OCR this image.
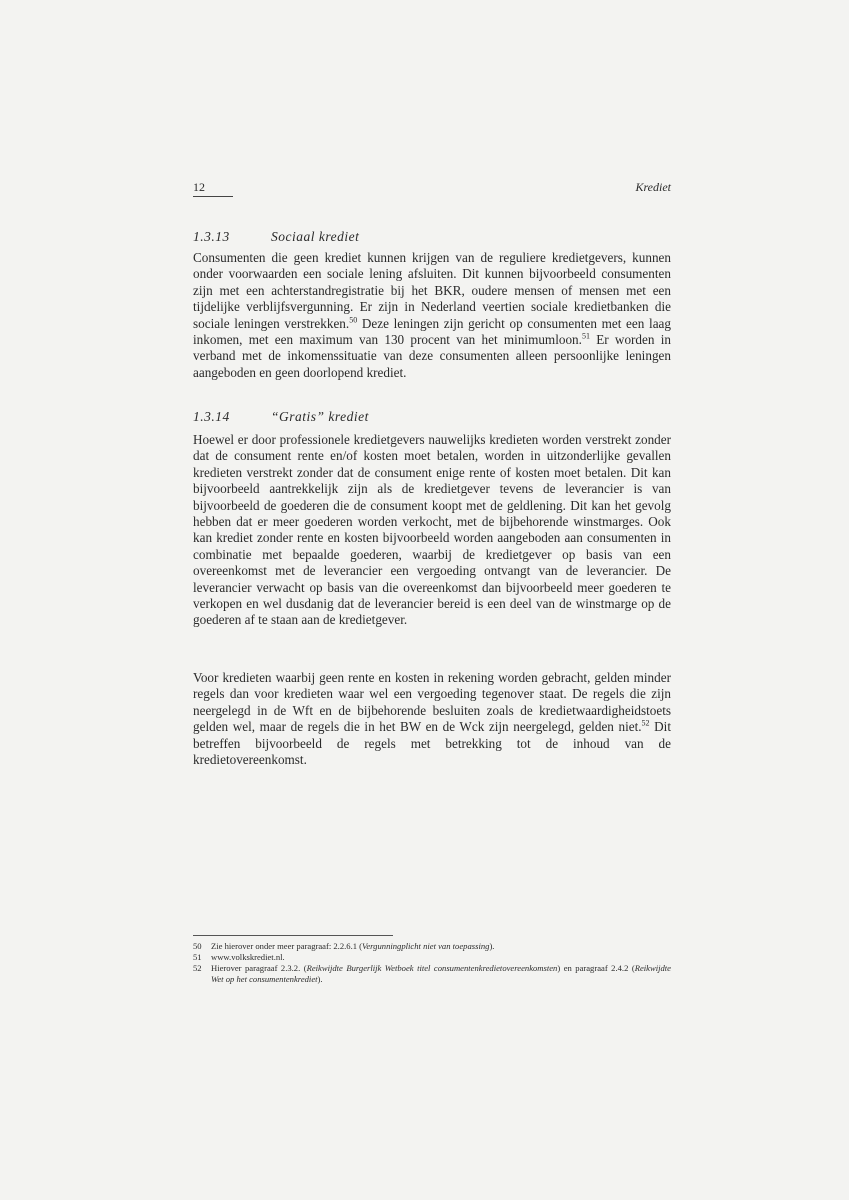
12	Krediet
1.3.13	Sociaal krediet

Consumenten die geen krediet kunnen krijgen van de reguliere kredietgevers, kunnen onder voorwaarden een sociale lening afsluiten. Dit kunnen bijvoorbeeld consumenten zijn met een achterstandregistratie bij het BKR, oudere mensen of mensen met een tijdelijke verblijfsvergunning. Er zijn in Nederland veertien sociale kredietbanken die sociale leningen verstrekken.$^{50}$ Deze leningen zijn gericht op consumenten met een laag inkomen, met een maximum van 130 procent van het minimumloon.$^{51}$ Er worden in verband met de inkomenssituatie van deze consumenten alleen persoonlijke leningen aangeboden en geen doorlopend krediet.

1.3.14	“Gratis” krediet

Hoewel er door professionele kredietgevers nauwelijks kredieten worden verstrekt zonder dat de consument rente en/of kosten moet betalen, worden in uitzonderlijke gevallen kredieten verstrekt zonder dat de consument enige rente of kosten moet betalen. Dit kan bijvoorbeeld aantrekkelijk zijn als de kredietgever tevens de leverancier is van bijvoorbeeld de goederen die de consument koopt met de geldlening. Dit kan het gevolg hebben dat er meer goederen worden verkocht, met de bijbehorende winstmarges. Ook kan krediet zonder rente en kosten bijvoorbeeld worden aangeboden aan consumenten in combinatie met bepaalde goederen, waarbij de kredietgever op basis van een overeenkomst met de leverancier een vergoeding ontvangt van de leverancier. De leverancier verwacht op basis van die overeenkomst dan bijvoorbeeld meer goederen te verkopen en wel dusdanig dat de leverancier bereid is een deel van de winstmarge op de goederen af te staan aan de kredietgever.

Voor kredieten waarbij geen rente en kosten in rekening worden gebracht, gelden minder regels dan voor kredieten waar wel een vergoeding tegenover staat. De regels die zijn neergelegd in de Wft en de bijbehorende besluiten zoals de kredietwaardigheidstoets gelden wel, maar de regels die in het BW en de Wck zijn neergelegd, gelden niet.$^{52}$ Dit betreffen bijvoorbeeld de regels met betrekking tot de inhoud van de kredietovereenkomst.

50 Zie hierover onder meer paragraaf: 2.2.6.1 (Vergunningplicht niet van toepassing).
51 www.volkskrediet.nl.
52 Hierover paragraaf 2.3.2. (Reikwijdte Burgerlijk Wetboek titel consumentenkredietovereenkomsten) en paragraaf 2.4.2 (Reikwijdte Wet op het consumentenkrediet).
